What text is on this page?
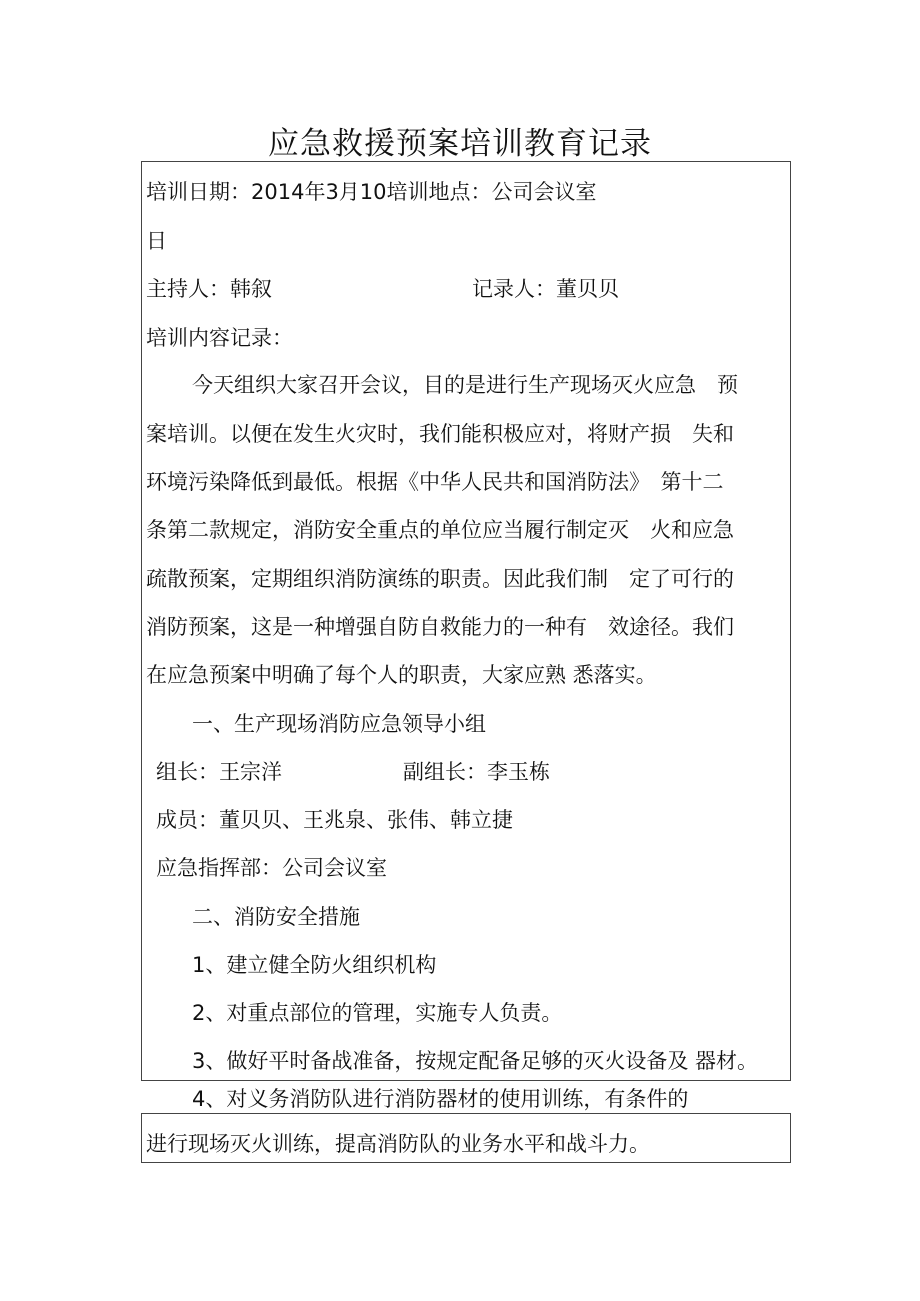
应急救援预案培训教育记录
培训日期：2014年3月10培训地点：公司会议室
日
主持人：韩叙	记录人：董贝贝
培训内容记录：
今天组织大家召开会议，目的是进行生产现场灭火应急　预
案培训。以便在发生火灾时，我们能积极应对，将财产损　失和
环境污染降低到最低。根据《中华人民共和国消防法》　第十二
条第二款规定，消防安全重点的单位应当履行制定灭　火和应急
疏散预案，定期组织消防演练的职责。因此我们制　定了可行的
消防预案，这是一种增强自防自救能力的一种有　效途径。我们
在应急预案中明确了每个人的职责，大家应熟 悉落实。
一、生产现场消防应急领导小组
组长：王宗洋	副组长：李玉栋
成员：董贝贝、王兆泉、张伟、韩立捷
应急指挥部：公司会议室
二、消防安全措施
1、建立健全防火组织机构
2、对重点部位的管理，实施专人负责。
3、做好平时备战准备，按规定配备足够的灭火设备及 器材。
4、对义务消防队进行消防器材的使用训练，有条件的
进行现场灭火训练，提高消防队的业务水平和战斗力。
